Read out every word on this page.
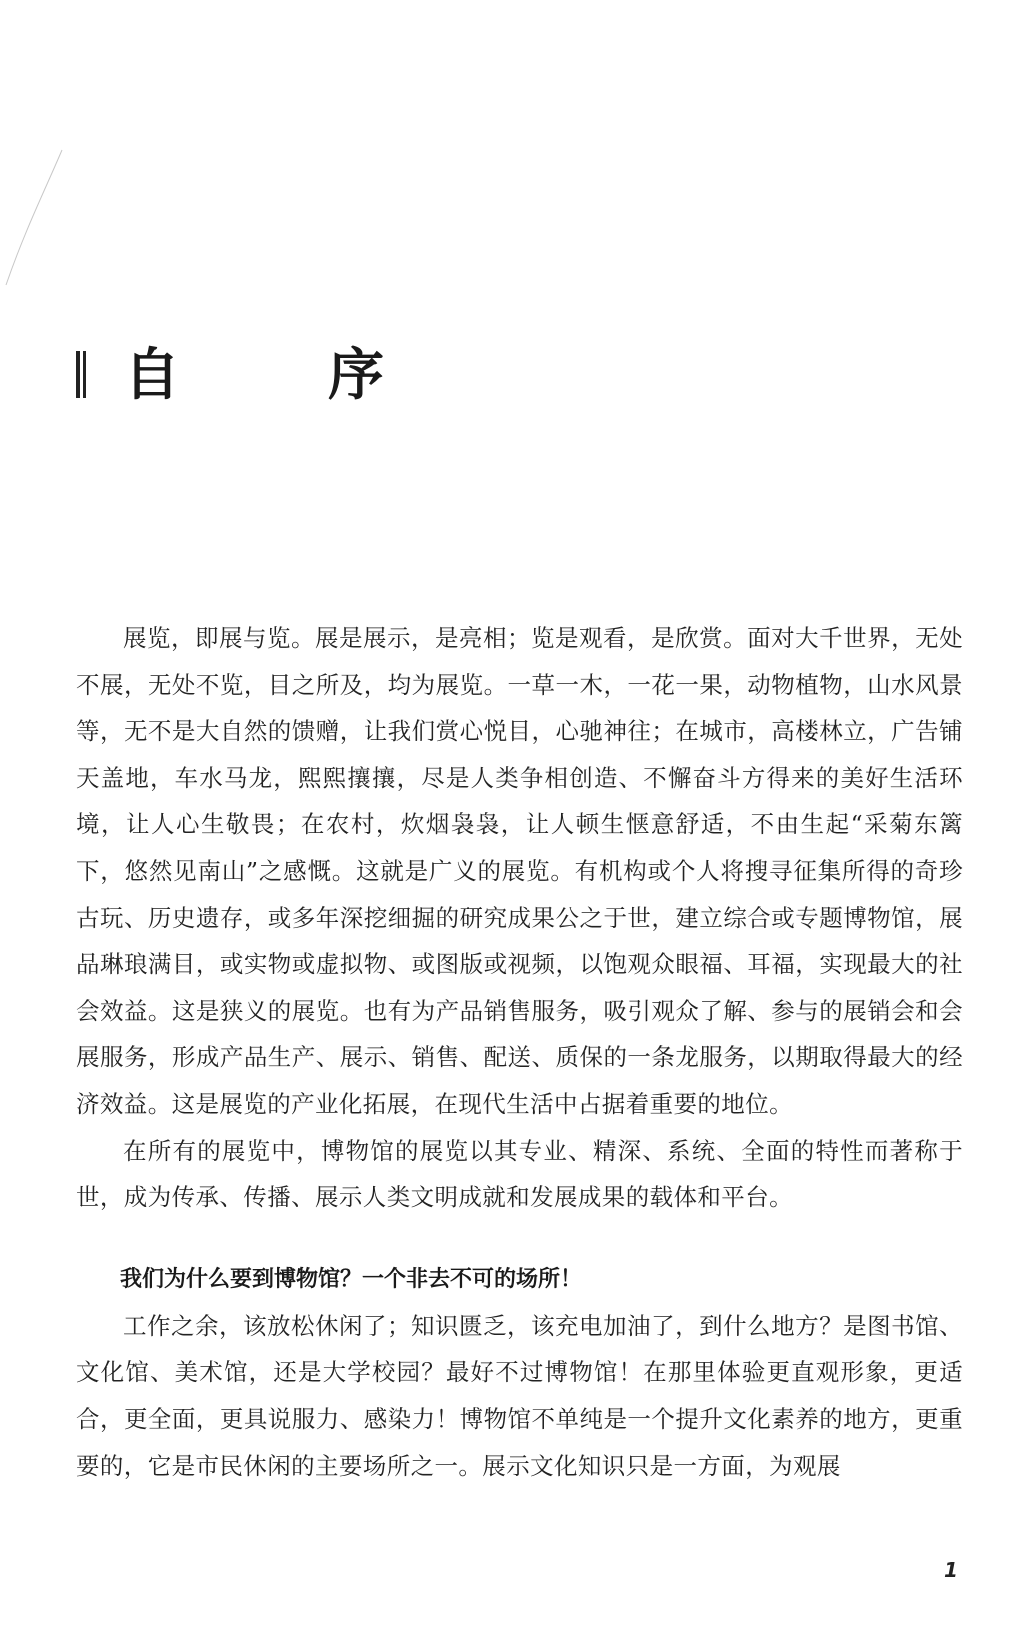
自　序

展览，即展与览。展是展示，是亮相；览是观看，是欣赏。面对大千世界，无处不展，无处不览，目之所及，均为展览。一草一木，一花一果，动物植物，山水风景等，无不是大自然的馈赠，让我们赏心悦目，心驰神往；在城市，高楼林立，广告铺天盖地，车水马龙，熙熙攘攘，尽是人类争相创造、不懈奋斗方得来的美好生活环境，让人心生敬畏；在农村，炊烟袅袅，让人顿生惬意舒适，不由生起“采菊东篱下，悠然见南山”之感慨。这就是广义的展览。有机构或个人将搜寻征集所得的奇珍古玩、历史遗存，或多年深挖细掘的研究成果公之于世，建立综合或专题博物馆，展品琳琅满目，或实物或虚拟物、或图版或视频，以饱观众眼福、耳福，实现最大的社会效益。这是狭义的展览。也有为产品销售服务，吸引观众了解、参与的展销会和会展服务，形成产品生产、展示、销售、配送、质保的一条龙服务，以期取得最大的经济效益。这是展览的产业化拓展，在现代生活中占据着重要的地位。

在所有的展览中，博物馆的展览以其专业、精深、系统、全面的特性而著称于世，成为传承、传播、展示人类文明成就和发展成果的载体和平台。

我们为什么要到博物馆？一个非去不可的场所！

工作之余，该放松休闲了；知识匮乏，该充电加油了，到什么地方？是图书馆、文化馆、美术馆，还是大学校园？最好不过博物馆！在那里体验更直观形象，更适合，更全面，更具说服力、感染力！博物馆不单纯是一个提升文化素养的地方，更重要的，它是市民休闲的主要场所之一。展示文化知识只是一方面，为观展

1
